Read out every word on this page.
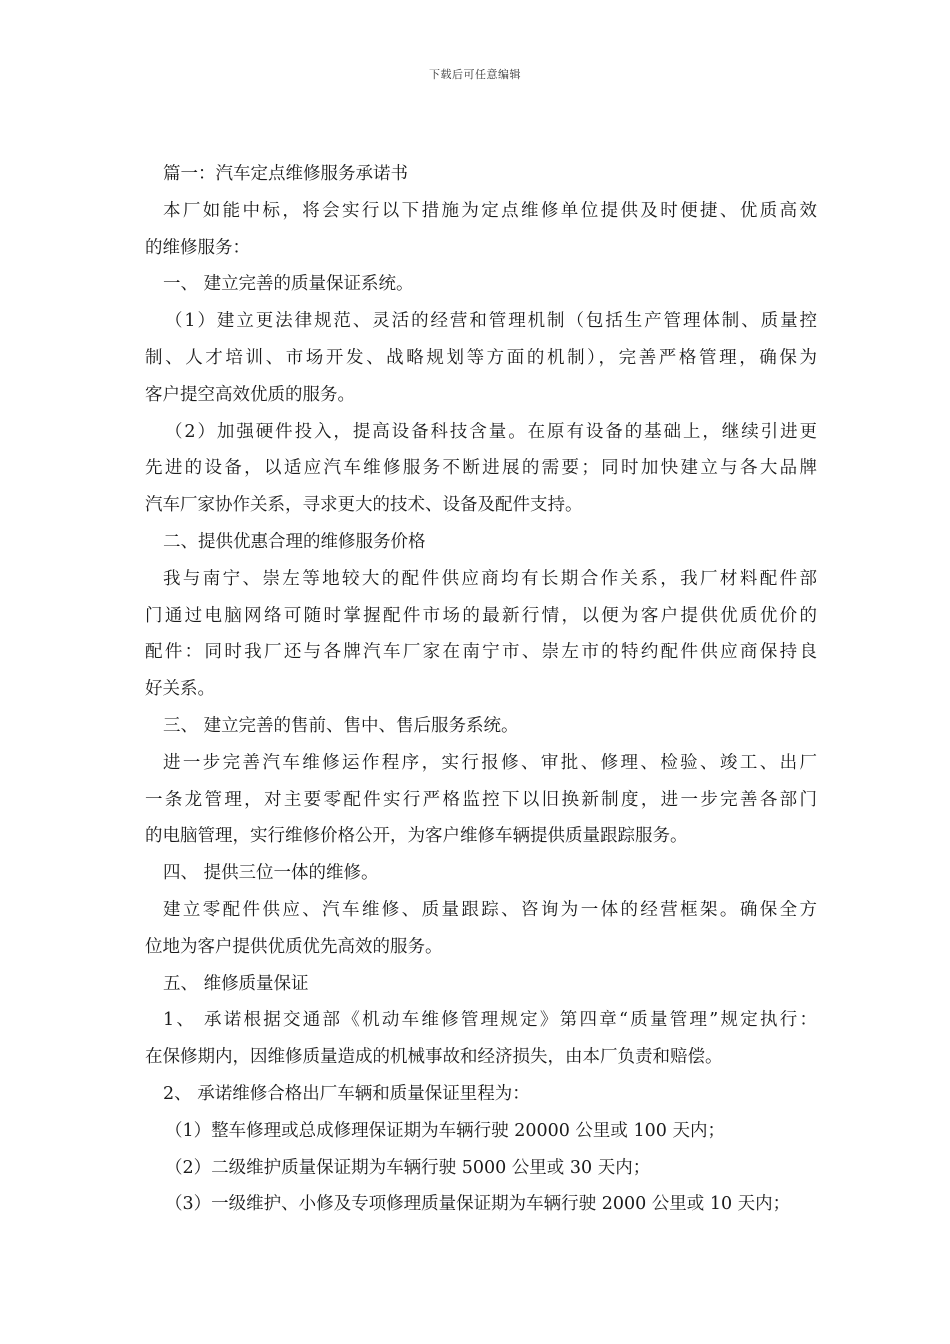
下载后可任意编辑
篇一：汽车定点维修服务承诺书
本厂如能中标，将会实行以下措施为定点维修单位提供及时便捷、优质高效
的维修服务：
一、 建立完善的质量保证系统。
（1）建立更法律规范、灵活的经营和管理机制（包括生产管理体制、质量控
制、人才培训、市场开发、战略规划等方面的机制），完善严格管理，确保为
客户提空高效优质的服务。
（2）加强硬件投入，提高设备科技含量。在原有设备的基础上，继续引进更
先进的设备，以适应汽车维修服务不断进展的需要；同时加快建立与各大品牌
汽车厂家协作关系，寻求更大的技术、设备及配件支持。
二、提供优惠合理的维修服务价格
我与南宁、崇左等地较大的配件供应商均有长期合作关系，我厂材料配件部
门通过电脑网络可随时掌握配件市场的最新行情，以便为客户提供优质优价的
配件：同时我厂还与各牌汽车厂家在南宁市、崇左市的特约配件供应商保持良
好关系。
三、 建立完善的售前、售中、售后服务系统。
进一步完善汽车维修运作程序，实行报修、审批、修理、检验、竣工、出厂
一条龙管理，对主要零配件实行严格监控下以旧换新制度，进一步完善各部门
的电脑管理，实行维修价格公开，为客户维修车辆提供质量跟踪服务。
四、 提供三位一体的维修。
建立零配件供应、汽车维修、质量跟踪、咨询为一体的经营框架。确保全方
位地为客户提供优质优先高效的服务。
五、 维修质量保证
1、 承诺根据交通部《机动车维修管理规定》第四章“质量管理”规定执行：
在保修期内，因维修质量造成的机械事故和经济损失，由本厂负责和赔偿。
2、 承诺维修合格出厂车辆和质量保证里程为：
（1）整车修理或总成修理保证期为车辆行驶 20000 公里或 100 天内；
（2）二级维护质量保证期为车辆行驶 5000 公里或 30 天内；
（3）一级维护、小修及专项修理质量保证期为车辆行驶 2000 公里或 10 天内；
